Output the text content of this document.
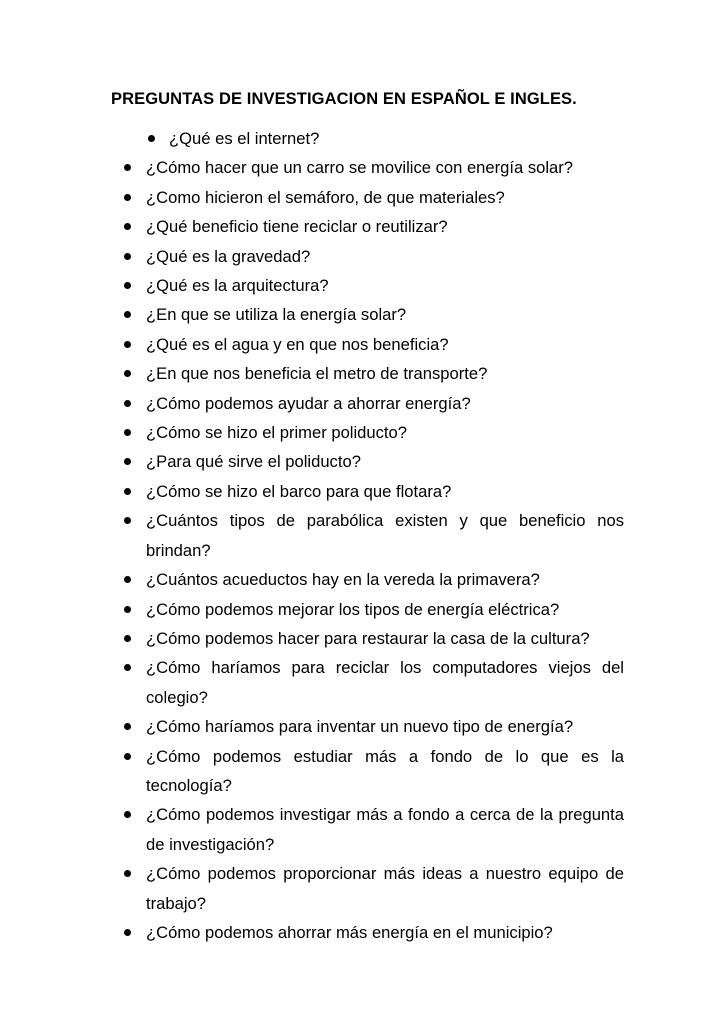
PREGUNTAS DE INVESTIGACION EN ESPAÑOL E INGLES.
¿Qué es el internet?
¿Cómo hacer que un carro se movilice con energía solar?
¿Como hicieron el semáforo, de que materiales?
¿Qué beneficio tiene reciclar o reutilizar?
¿Qué es la gravedad?
¿Qué es la arquitectura?
¿En que se utiliza la energía solar?
¿Qué es el agua y en que nos beneficia?
¿En que nos beneficia el metro de transporte?
¿Cómo podemos ayudar a ahorrar energía?
¿Cómo se hizo el primer poliducto?
¿Para qué sirve el poliducto?
¿Cómo se hizo el barco para que flotara?
¿Cuántos tipos de parabólica existen y que beneficio nos brindan?
¿Cuántos acueductos hay en la vereda la primavera?
¿Cómo podemos mejorar los tipos de energía eléctrica?
¿Cómo podemos hacer para restaurar la casa de la cultura?
¿Cómo haríamos para reciclar los computadores viejos del colegio?
¿Cómo haríamos para inventar un nuevo tipo de energía?
¿Cómo podemos estudiar más a fondo de lo que es la tecnología?
¿Cómo podemos investigar más a fondo a cerca de la pregunta de investigación?
¿Cómo podemos proporcionar más ideas a nuestro equipo de trabajo?
¿Cómo podemos ahorrar más energía en el municipio?
